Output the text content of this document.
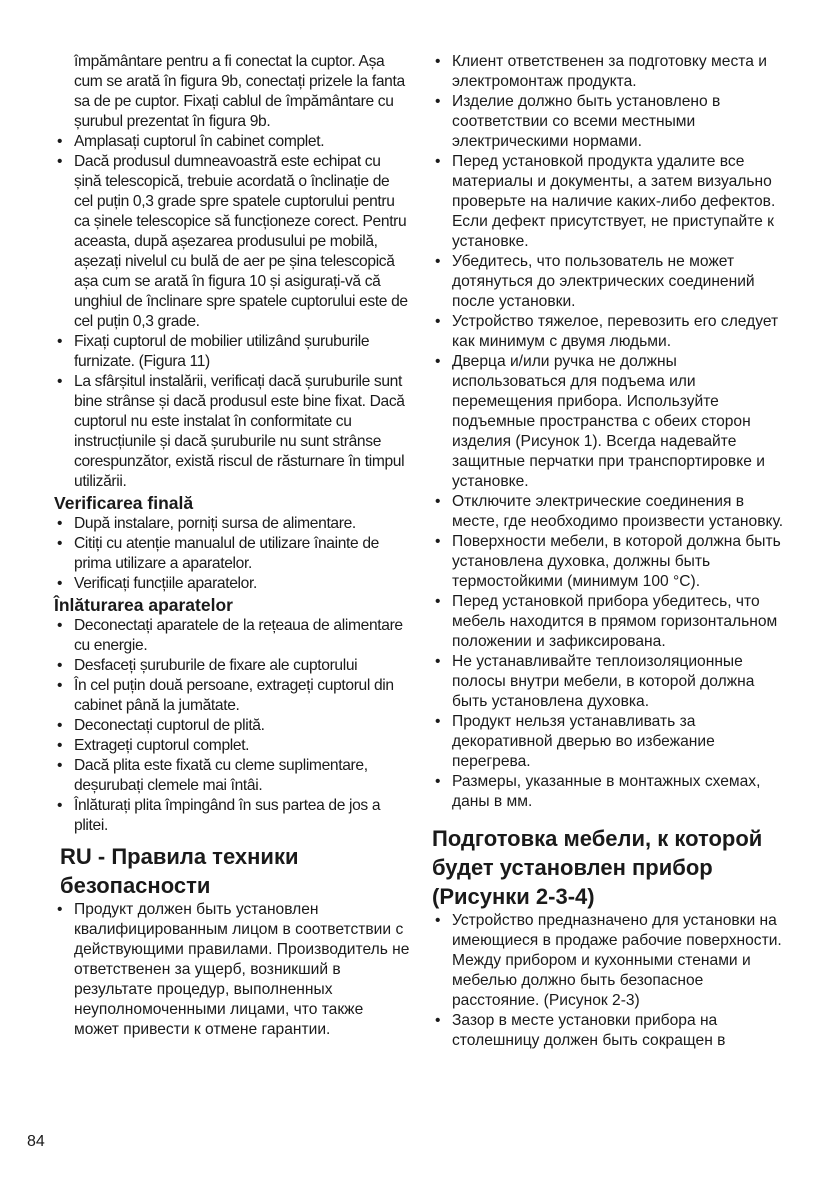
împământare pentru a fi conectat la cuptor. Așa cum se arată în figura 9b, conectați prizele la fanta sa de pe cuptor. Fixați cablul de împământare cu șurubul prezentat în figura 9b.

• Amplasați cuptorul în cabinet complet.
• Dacă produsul dumneavoastră este echipat cu șină telescopică, trebuie acordată o înclinație de cel puțin 0,3 grade spre spatele cuptorului pentru ca șinele telescopice să funcționeze corect. Pentru aceasta, după așezarea produsului pe mobilă, așezați nivelul cu bulă de aer pe șina telescopică așa cum se arată în figura 10 și asigurați-vă că unghiul de înclinare spre spatele cuptorului este de cel puțin 0,3 grade.
• Fixați cuptorul de mobilier utilizând șuruburile furnizate. (Figura 11)
• La sfârșitul instalării, verificați dacă șuruburile sunt bine strânse și dacă produsul este bine fixat. Dacă cuptorul nu este instalat în conformitate cu instrucțiunile și dacă șuruburile nu sunt strânse corespunzător, există riscul de răsturnare în timpul utilizării.
Verificarea finală
• După instalare, porniți sursa de alimentare.
• Citiți cu atenție manualul de utilizare înainte de prima utilizare a aparatelor.
• Verificați funcțiile aparatelor.
Înlăturarea aparatelor
• Deconectați aparatele de la rețeaua de alimentare cu energie.
• Desfaceți șuruburile de fixare ale cuptorului
• În cel puțin două persoane, extrageți cuptorul din cabinet până la jumătate.
• Deconectați cuptorul de plită.
• Extrageți cuptorul complet.
• Dacă plita este fixată cu cleme suplimentare, deșurubați clemele mai întâi.
• Înlăturați plita împingând în sus partea de jos a plitei.
RU - Правила техники безопасности
• Продукт должен быть установлен квалифицированным лицом в соответствии с действующими правилами. Производитель не ответственен за ущерб, возникший в результате процедур, выполненных неуполномоченными лицами, что также может привести к отмене гарантии.
• Клиент ответственен за подготовку места и электромонтаж продукта.
• Изделие должно быть установлено в соответствии со всеми местными электрическими нормами.
• Перед установкой продукта удалите все материалы и документы, а затем визуально проверьте на наличие каких-либо дефектов. Если дефект присутствует, не приступайте к установке.
• Убедитесь, что пользователь не может дотянуться до электрических соединений после установки.
• Устройство тяжелое, перевозить его следует как минимум с двумя людьми.
• Дверца и/или ручка не должны использоваться для подъема или перемещения прибора. Используйте подъемные пространства с обеих сторон изделия (Рисунок 1). Всегда надевайте защитные перчатки при транспортировке и установке.
• Отключите электрические соединения в месте, где необходимо произвести установку.
• Поверхности мебели, в которой должна быть установлена духовка, должны быть термостойкими (минимум 100 °C).
• Перед установкой прибора убедитесь, что мебель находится в прямом горизонтальном положении и зафиксирована.
• Не устанавливайте теплоизоляционные полосы внутри мебели, в которой должна быть установлена духовка.
• Продукт нельзя устанавливать за декоративной дверью во избежание перегрева.
• Размеры, указанные в монтажных схемах, даны в мм.
Подготовка мебели, к которой будет установлен прибор (Рисунки 2-3-4)
• Устройство предназначено для установки на имеющиеся в продаже рабочие поверхности. Между прибором и кухонными стенами и мебелью должно быть безопасное расстояние. (Рисунок 2-3)
• Зазор в месте установки прибора на столешницу должен быть сокращен в
84
